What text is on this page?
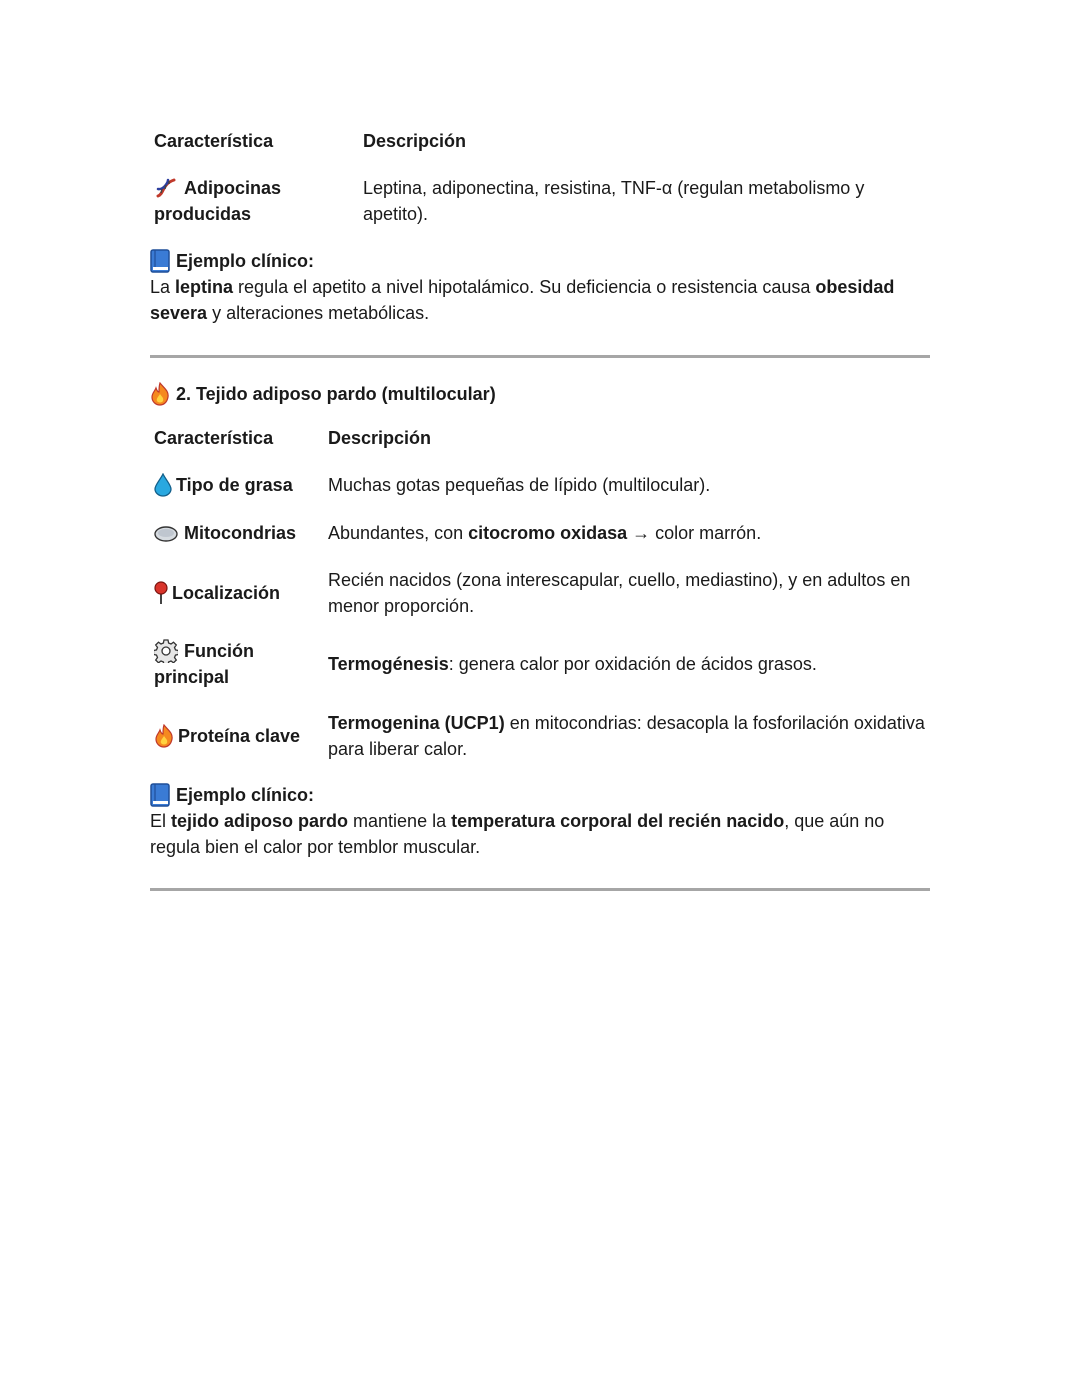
Característica	Descripción
Adipocinas
producidas
Leptina, adiponectina, resistina, TNF-α (regulan metabolismo y apetito).
Ejemplo clínico:
La leptina regula el apetito a nivel hipotalámico. Su deficiencia o resistencia causa obesidad severa y alteraciones metabólicas.
2. Tejido adiposo pardo (multilocular)
Característica	Descripción
Tipo de grasa Muchas gotas pequeñas de lípido (multilocular).
Mitocondrias Abundantes, con citocromo oxidasa → color marrón.
Localización
Recién nacidos (zona interescapular, cuello, mediastino), y en adultos en menor proporción.
Función
principal
Termogénesis: genera calor por oxidación de ácidos grasos.
Proteína clave
Termogenina (UCP1) en mitocondrias: desacopla la fosforilación oxidativa para liberar calor.
Ejemplo clínico:
El tejido adiposo pardo mantiene la temperatura corporal del recién nacido, que aún no regula bien el calor por temblor muscular.
